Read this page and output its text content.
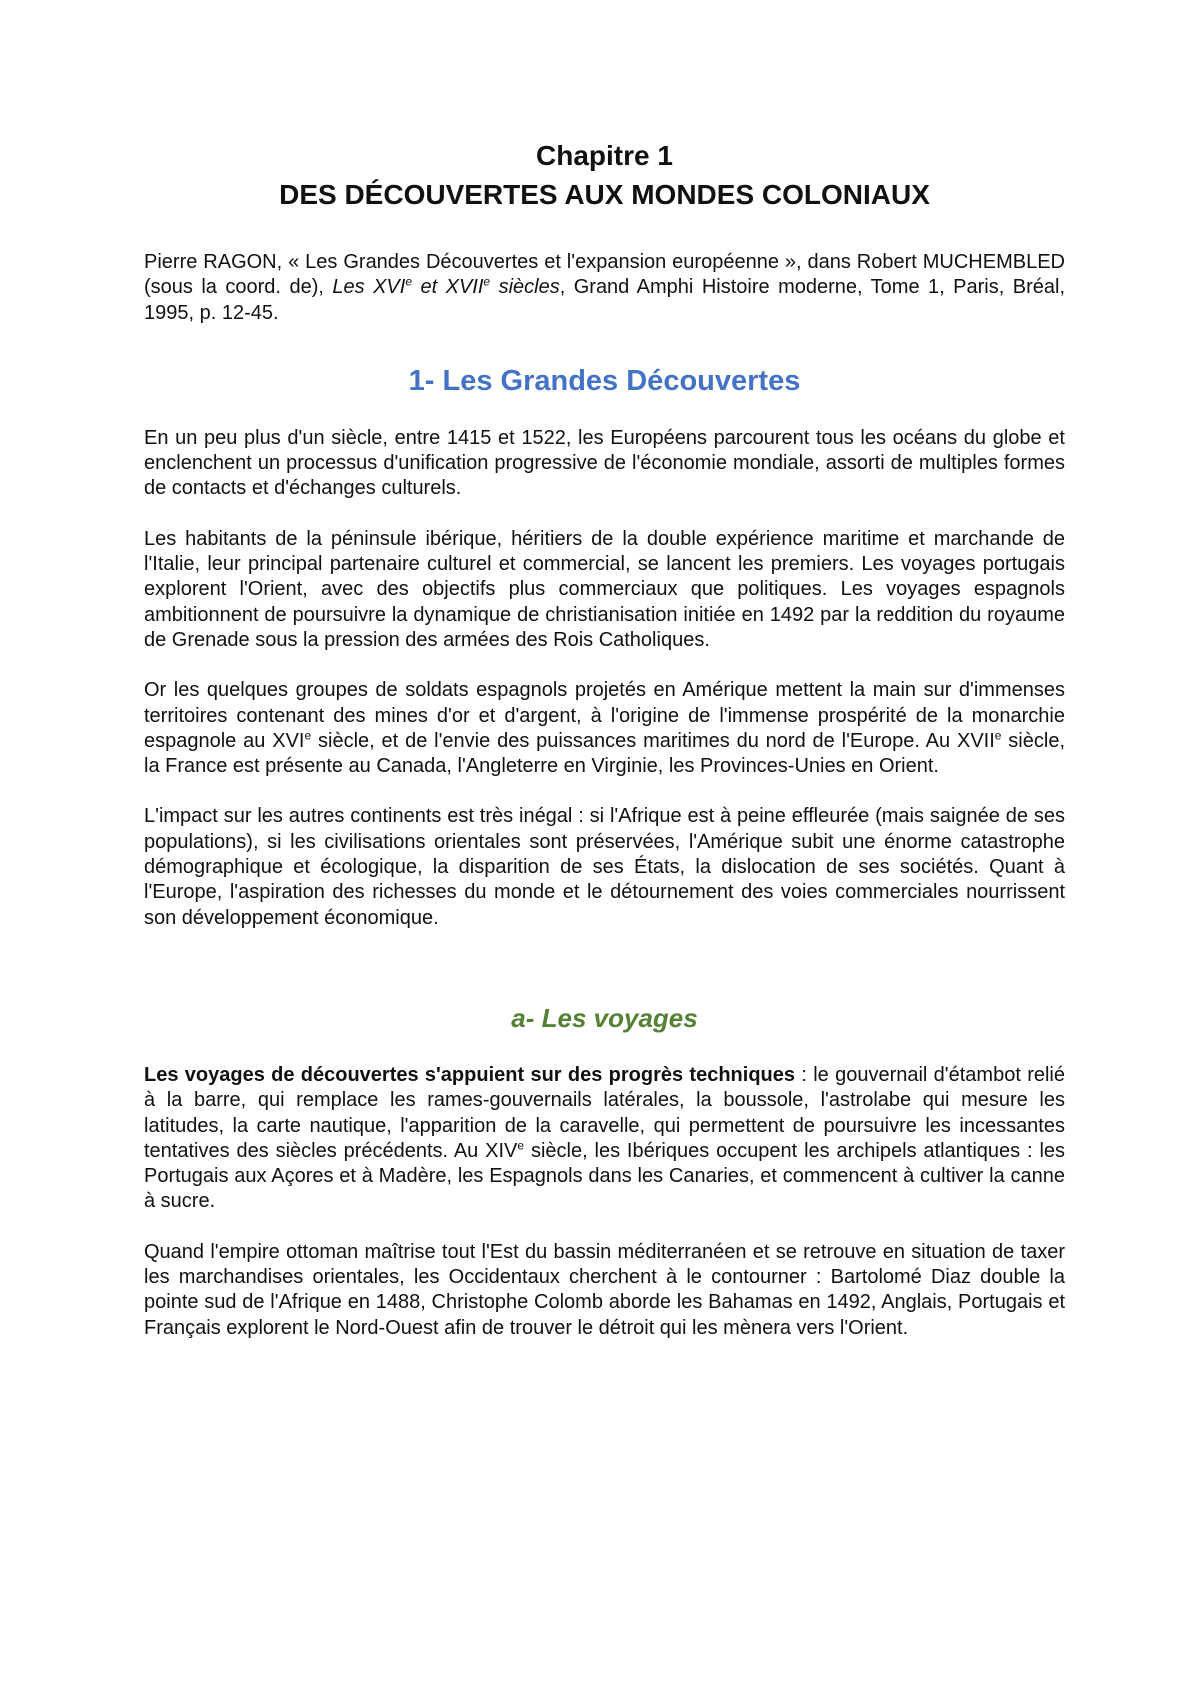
Chapitre 1
DES DÉCOUVERTES AUX MONDES COLONIAUX

Pierre RAGON, « Les Grandes Découvertes et l'expansion européenne », dans Robert MUCHEMBLED (sous la coord. de), Les XVIe et XVIIe siècles, Grand Amphi Histoire moderne, Tome 1, Paris, Bréal, 1995, p. 12-45.

1- Les Grandes Découvertes

En un peu plus d'un siècle, entre 1415 et 1522, les Européens parcourent tous les océans du globe et enclenchent un processus d'unification progressive de l'économie mondiale, assorti de multiples formes de contacts et d'échanges culturels.

Les habitants de la péninsule ibérique, héritiers de la double expérience maritime et marchande de l'Italie, leur principal partenaire culturel et commercial, se lancent les premiers. Les voyages portugais explorent l'Orient, avec des objectifs plus commerciaux que politiques. Les voyages espagnols ambitionnent de poursuivre la dynamique de christianisation initiée en 1492 par la reddition du royaume de Grenade sous la pression des armées des Rois Catholiques.

Or les quelques groupes de soldats espagnols projetés en Amérique mettent la main sur d'immenses territoires contenant des mines d'or et d'argent, à l'origine de l'immense prospérité de la monarchie espagnole au XVIe siècle, et de l'envie des puissances maritimes du nord de l'Europe. Au XVIIe siècle, la France est présente au Canada, l'Angleterre en Virginie, les Provinces-Unies en Orient.

L'impact sur les autres continents est très inégal : si l'Afrique est à peine effleurée (mais saignée de ses populations), si les civilisations orientales sont préservées, l'Amérique subit une énorme catastrophe démographique et écologique, la disparition de ses États, la dislocation de ses sociétés. Quant à l'Europe, l'aspiration des richesses du monde et le détournement des voies commerciales nourrissent son développement économique.

a- Les voyages

Les voyages de découvertes s'appuient sur des progrès techniques : le gouvernail d'étambot relié à la barre, qui remplace les rames-gouvernails latérales, la boussole, l'astrolabe qui mesure les latitudes, la carte nautique, l'apparition de la caravelle, qui permettent de poursuivre les incessantes tentatives des siècles précédents. Au XIVe siècle, les Ibériques occupent les archipels atlantiques : les Portugais aux Açores et à Madère, les Espagnols dans les Canaries, et commencent à cultiver la canne à sucre.

Quand l'empire ottoman maîtrise tout l'Est du bassin méditerranéen et se retrouve en situation de taxer les marchandises orientales, les Occidentaux cherchent à le contourner : Bartolomé Diaz double la pointe sud de l'Afrique en 1488, Christophe Colomb aborde les Bahamas en 1492, Anglais, Portugais et Français explorent le Nord-Ouest afin de trouver le détroit qui les mènera vers l'Orient.
